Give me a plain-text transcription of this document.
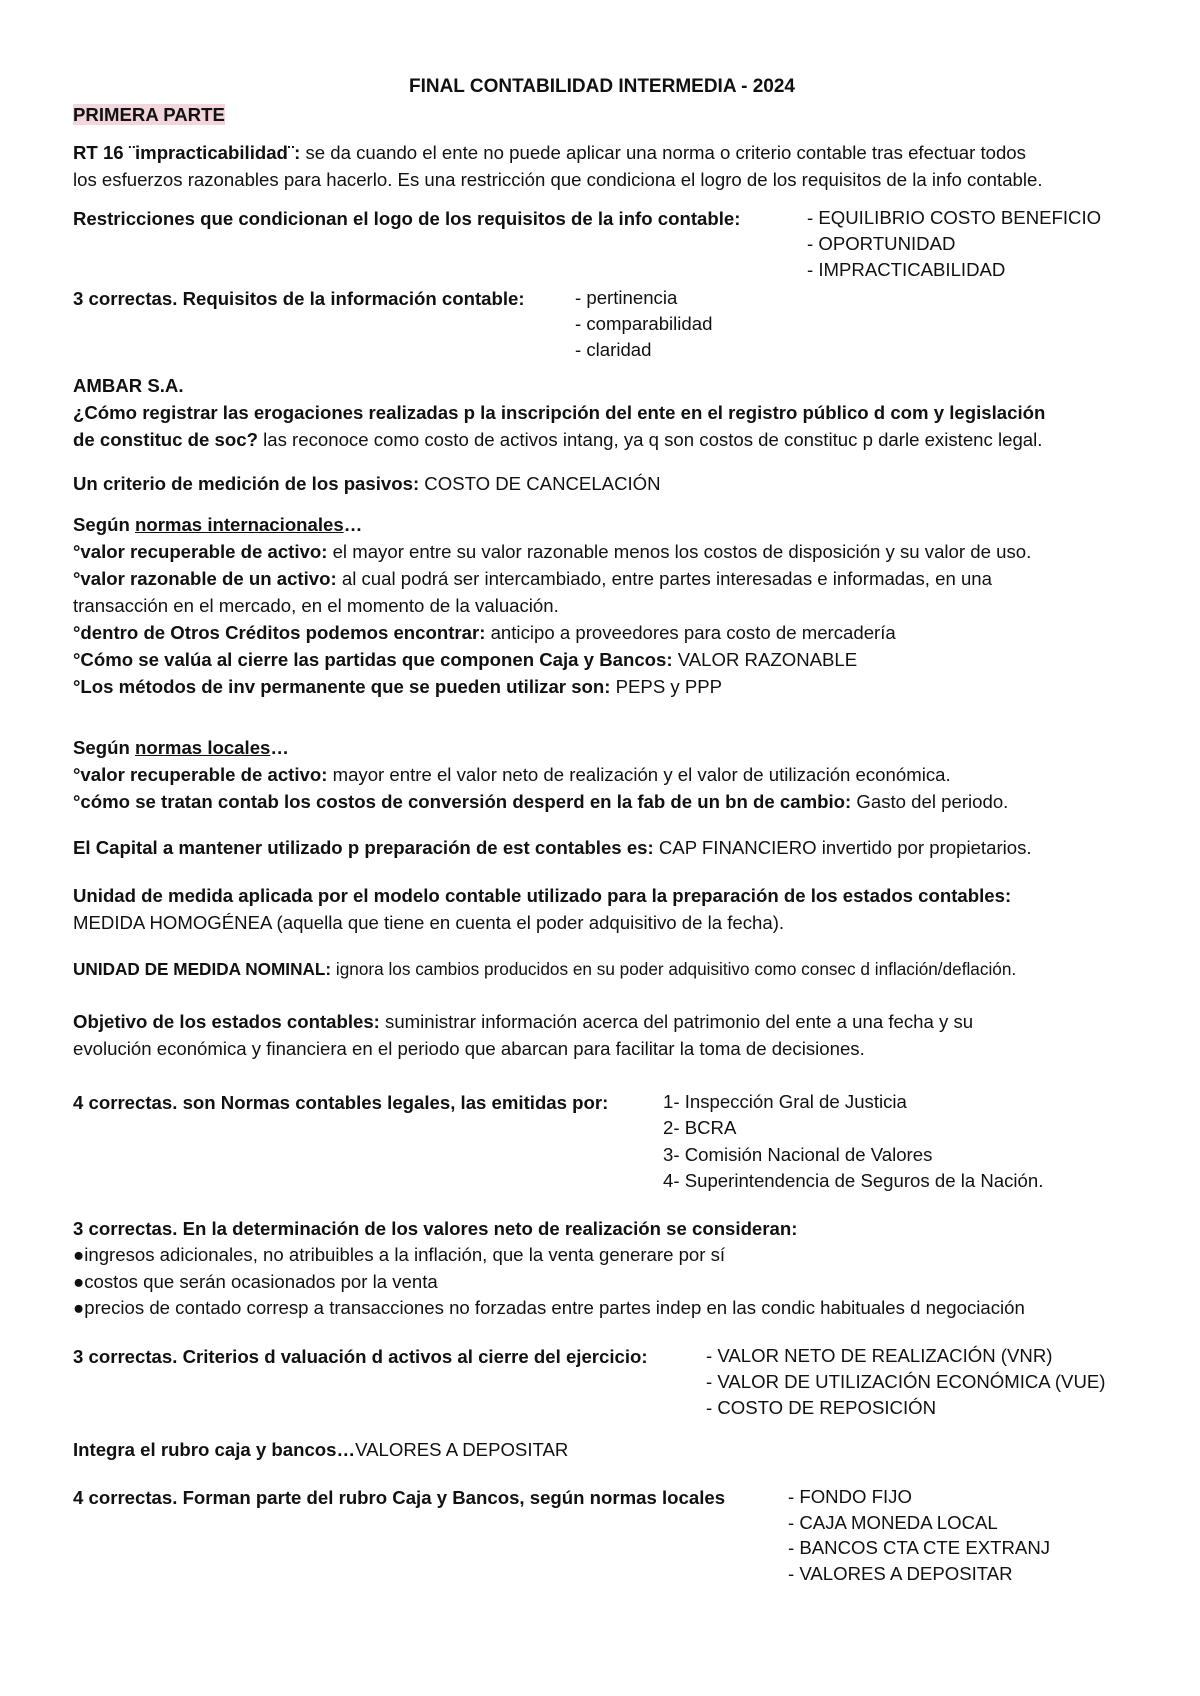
FINAL CONTABILIDAD INTERMEDIA - 2024
PRIMERA PARTE
RT 16 ¨impracticabilidad¨: se da cuando el ente no puede aplicar una norma o criterio contable tras efectuar todos
los esfuerzos razonables para hacerlo. Es una restricción que condiciona el logro de los requisitos de la info contable.
Restricciones que condicionan el logo de los requisitos de la info contable:	- EQUILIBRIO COSTO BENEFICIO
- OPORTUNIDAD
- IMPRACTICABILIDAD
3 correctas. Requisitos de la información contable:	- pertinencia
- comparabilidad
- claridad
AMBAR S.A.
¿Cómo registrar las erogaciones realizadas p la inscripción del ente en el registro público d com y legislación
de constituc de soc? las reconoce como costo de activos intang, ya q son costos de constituc p darle existenc legal.
Un criterio de medición de los pasivos: COSTO DE CANCELACIÓN
Según normas internacionales…
°valor recuperable de activo: el mayor entre su valor razonable menos los costos de disposición y su valor de uso.
°valor razonable de un activo: al cual podrá ser intercambiado, entre partes interesadas e informadas, en una
transacción en el mercado, en el momento de la valuación.
°dentro de Otros Créditos podemos encontrar: anticipo a proveedores para costo de mercadería
°Cómo se valúa al cierre las partidas que componen Caja y Bancos: VALOR RAZONABLE
°Los métodos de inv permanente que se pueden utilizar son: PEPS y PPP
Según normas locales…
°valor recuperable de activo: mayor entre el valor neto de realización y el valor de utilización económica.
°cómo se tratan contab los costos de conversión desperd en la fab de un bn de cambio: Gasto del periodo.
El Capital a mantener utilizado p preparación de est contables es: CAP FINANCIERO invertido por propietarios.
Unidad de medida aplicada por el modelo contable utilizado para la preparación de los estados contables:
MEDIDA HOMOGÉNEA (aquella que tiene en cuenta el poder adquisitivo de la fecha).
UNIDAD DE MEDIDA NOMINAL: ignora los cambios producidos en su poder adquisitivo como consec d inflación/deflación.
Objetivo de los estados contables: suministrar información acerca del patrimonio del ente a una fecha y su
evolución económica y financiera en el periodo que abarcan para facilitar la toma de decisiones.
4 correctas. son Normas contables legales, las emitidas por:	1- Inspección Gral de Justicia
2- BCRA
3- Comisión Nacional de Valores
4- Superintendencia de Seguros de la Nación.
3 correctas. En la determinación de los valores neto de realización se consideran:
●ingresos adicionales, no atribuibles a la inflación, que la venta generare por sí
●costos que serán ocasionados por la venta
●precios de contado corresp a transacciones no forzadas entre partes indep en las condic habituales d negociación
3 correctas. Criterios d valuación d activos al cierre del ejercicio:	- VALOR NETO DE REALIZACIÓN (VNR)
- VALOR DE UTILIZACIÓN ECONÓMICA (VUE)
- COSTO DE REPOSICIÓN
Integra el rubro caja y bancos…VALORES A DEPOSITAR
4 correctas. Forman parte del rubro Caja y Bancos, según normas locales	- FONDO FIJO
- CAJA MONEDA LOCAL
- BANCOS CTA CTE EXTRANJ
- VALORES A DEPOSITAR
